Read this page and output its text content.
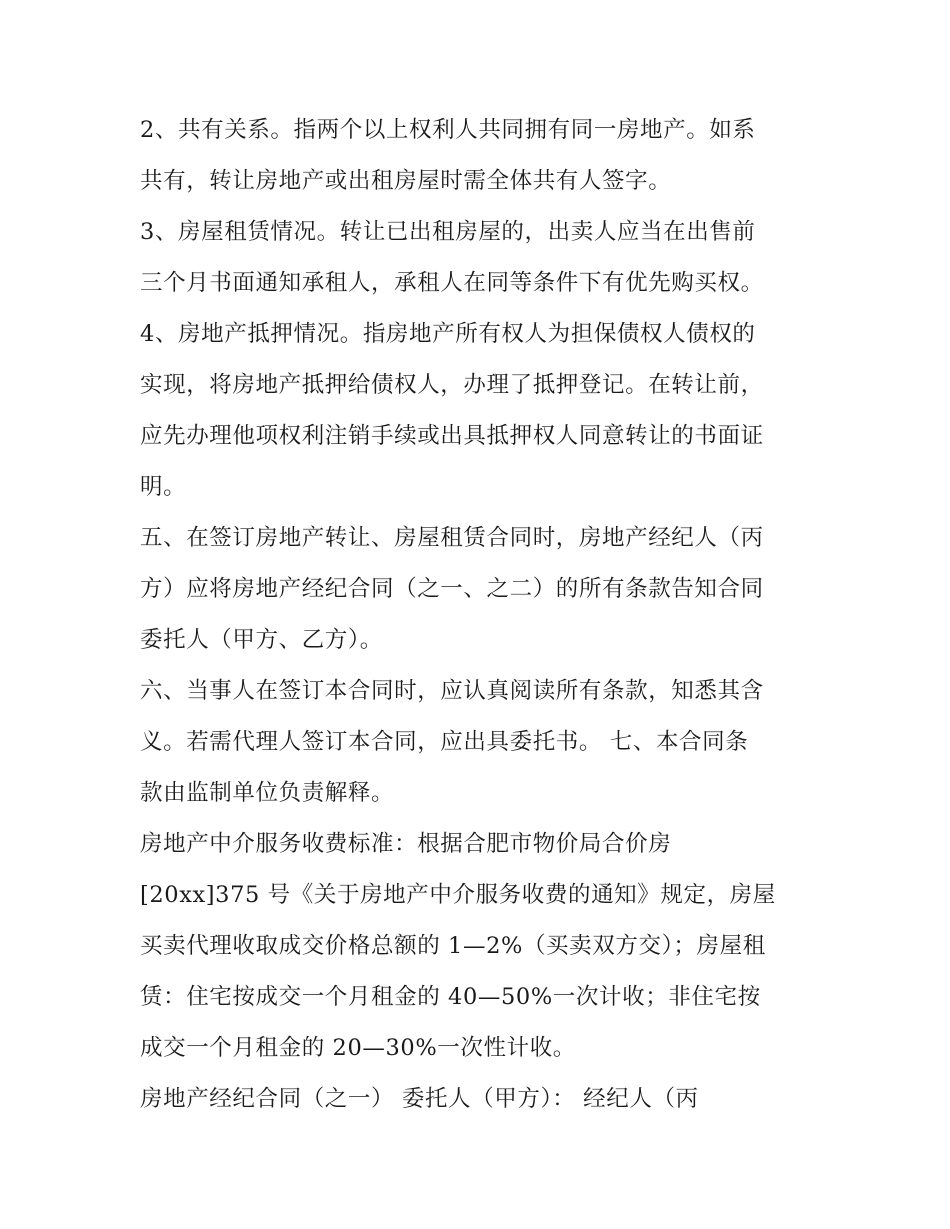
2、共有关系。指两个以上权利人共同拥有同一房地产。如系
共有，转让房地产或出租房屋时需全体共有人签字。
3、房屋租赁情况。转让已出租房屋的，出卖人应当在出售前
三个月书面通知承租人，承租人在同等条件下有优先购买权。
4、房地产抵押情况。指房地产所有权人为担保债权人债权的
实现，将房地产抵押给债权人，办理了抵押登记。在转让前，
应先办理他项权利注销手续或出具抵押权人同意转让的书面证
明。
五、在签订房地产转让、房屋租赁合同时，房地产经纪人（丙
方）应将房地产经纪合同（之一、之二）的所有条款告知合同
委托人（甲方、乙方）。
六、当事人在签订本合同时，应认真阅读所有条款，知悉其含
义。若需代理人签订本合同，应出具委托书。 七、本合同条
款由监制单位负责解释。
房地产中介服务收费标准：根据合肥市物价局合价房
[20xx]375 号《关于房地产中介服务收费的通知》规定，房屋
买卖代理收取成交价格总额的 1—2%（买卖双方交）；房屋租
赁：住宅按成交一个月租金的 40—50%一次计收；非住宅按
成交一个月租金的 20—30%一次性计收。
房地产经纪合同（之一） 委托人（甲方）： 经纪人（丙
